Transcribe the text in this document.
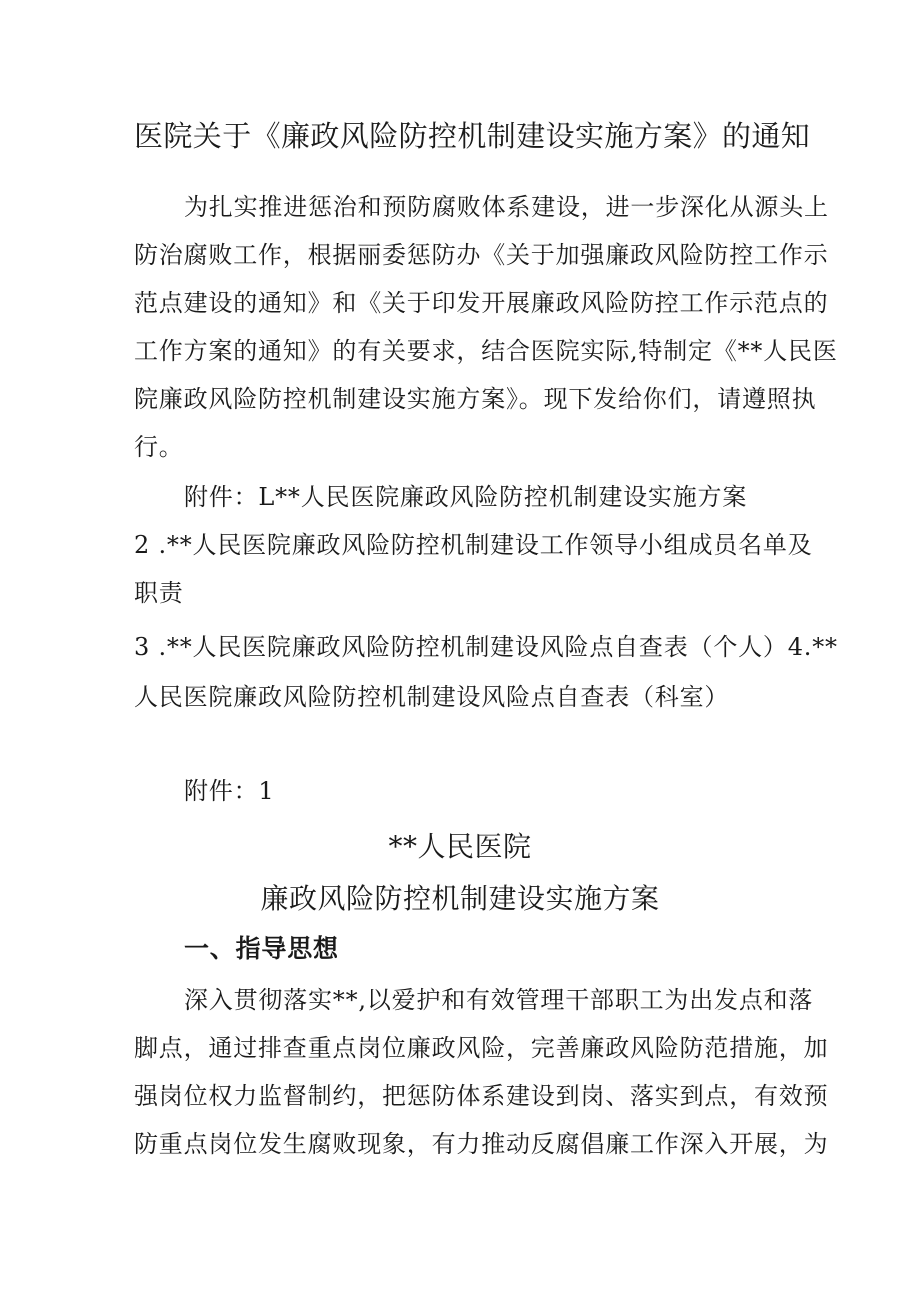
医院关于《廉政风险防控机制建设实施方案》的通知
为扎实推进惩治和预防腐败体系建设，进一步深化从源头上
防治腐败工作，根据丽委惩防办《关于加强廉政风险防控工作示
范点建设的通知》和《关于印发开展廉政风险防控工作示范点的
工作方案的通知》的有关要求，结合医院实际,特制定《**人民医
院廉政风险防控机制建设实施方案》。现下发给你们，请遵照执
行。
附件：L**人民医院廉政风险防控机制建设实施方案
2 .**人民医院廉政风险防控机制建设工作领导小组成员名单及
职责
3 .**人民医院廉政风险防控机制建设风险点自查表（个人）4.**
人民医院廉政风险防控机制建设风险点自查表（科室）
附件：1
**人民医院
廉政风险防控机制建设实施方案
一、指导思想
深入贯彻落实**,以爱护和有效管理干部职工为出发点和落
脚点，通过排查重点岗位廉政风险，完善廉政风险防范措施，加
强岗位权力监督制约，把惩防体系建设到岗、落实到点，有效预
防重点岗位发生腐败现象，有力推动反腐倡廉工作深入开展，为
